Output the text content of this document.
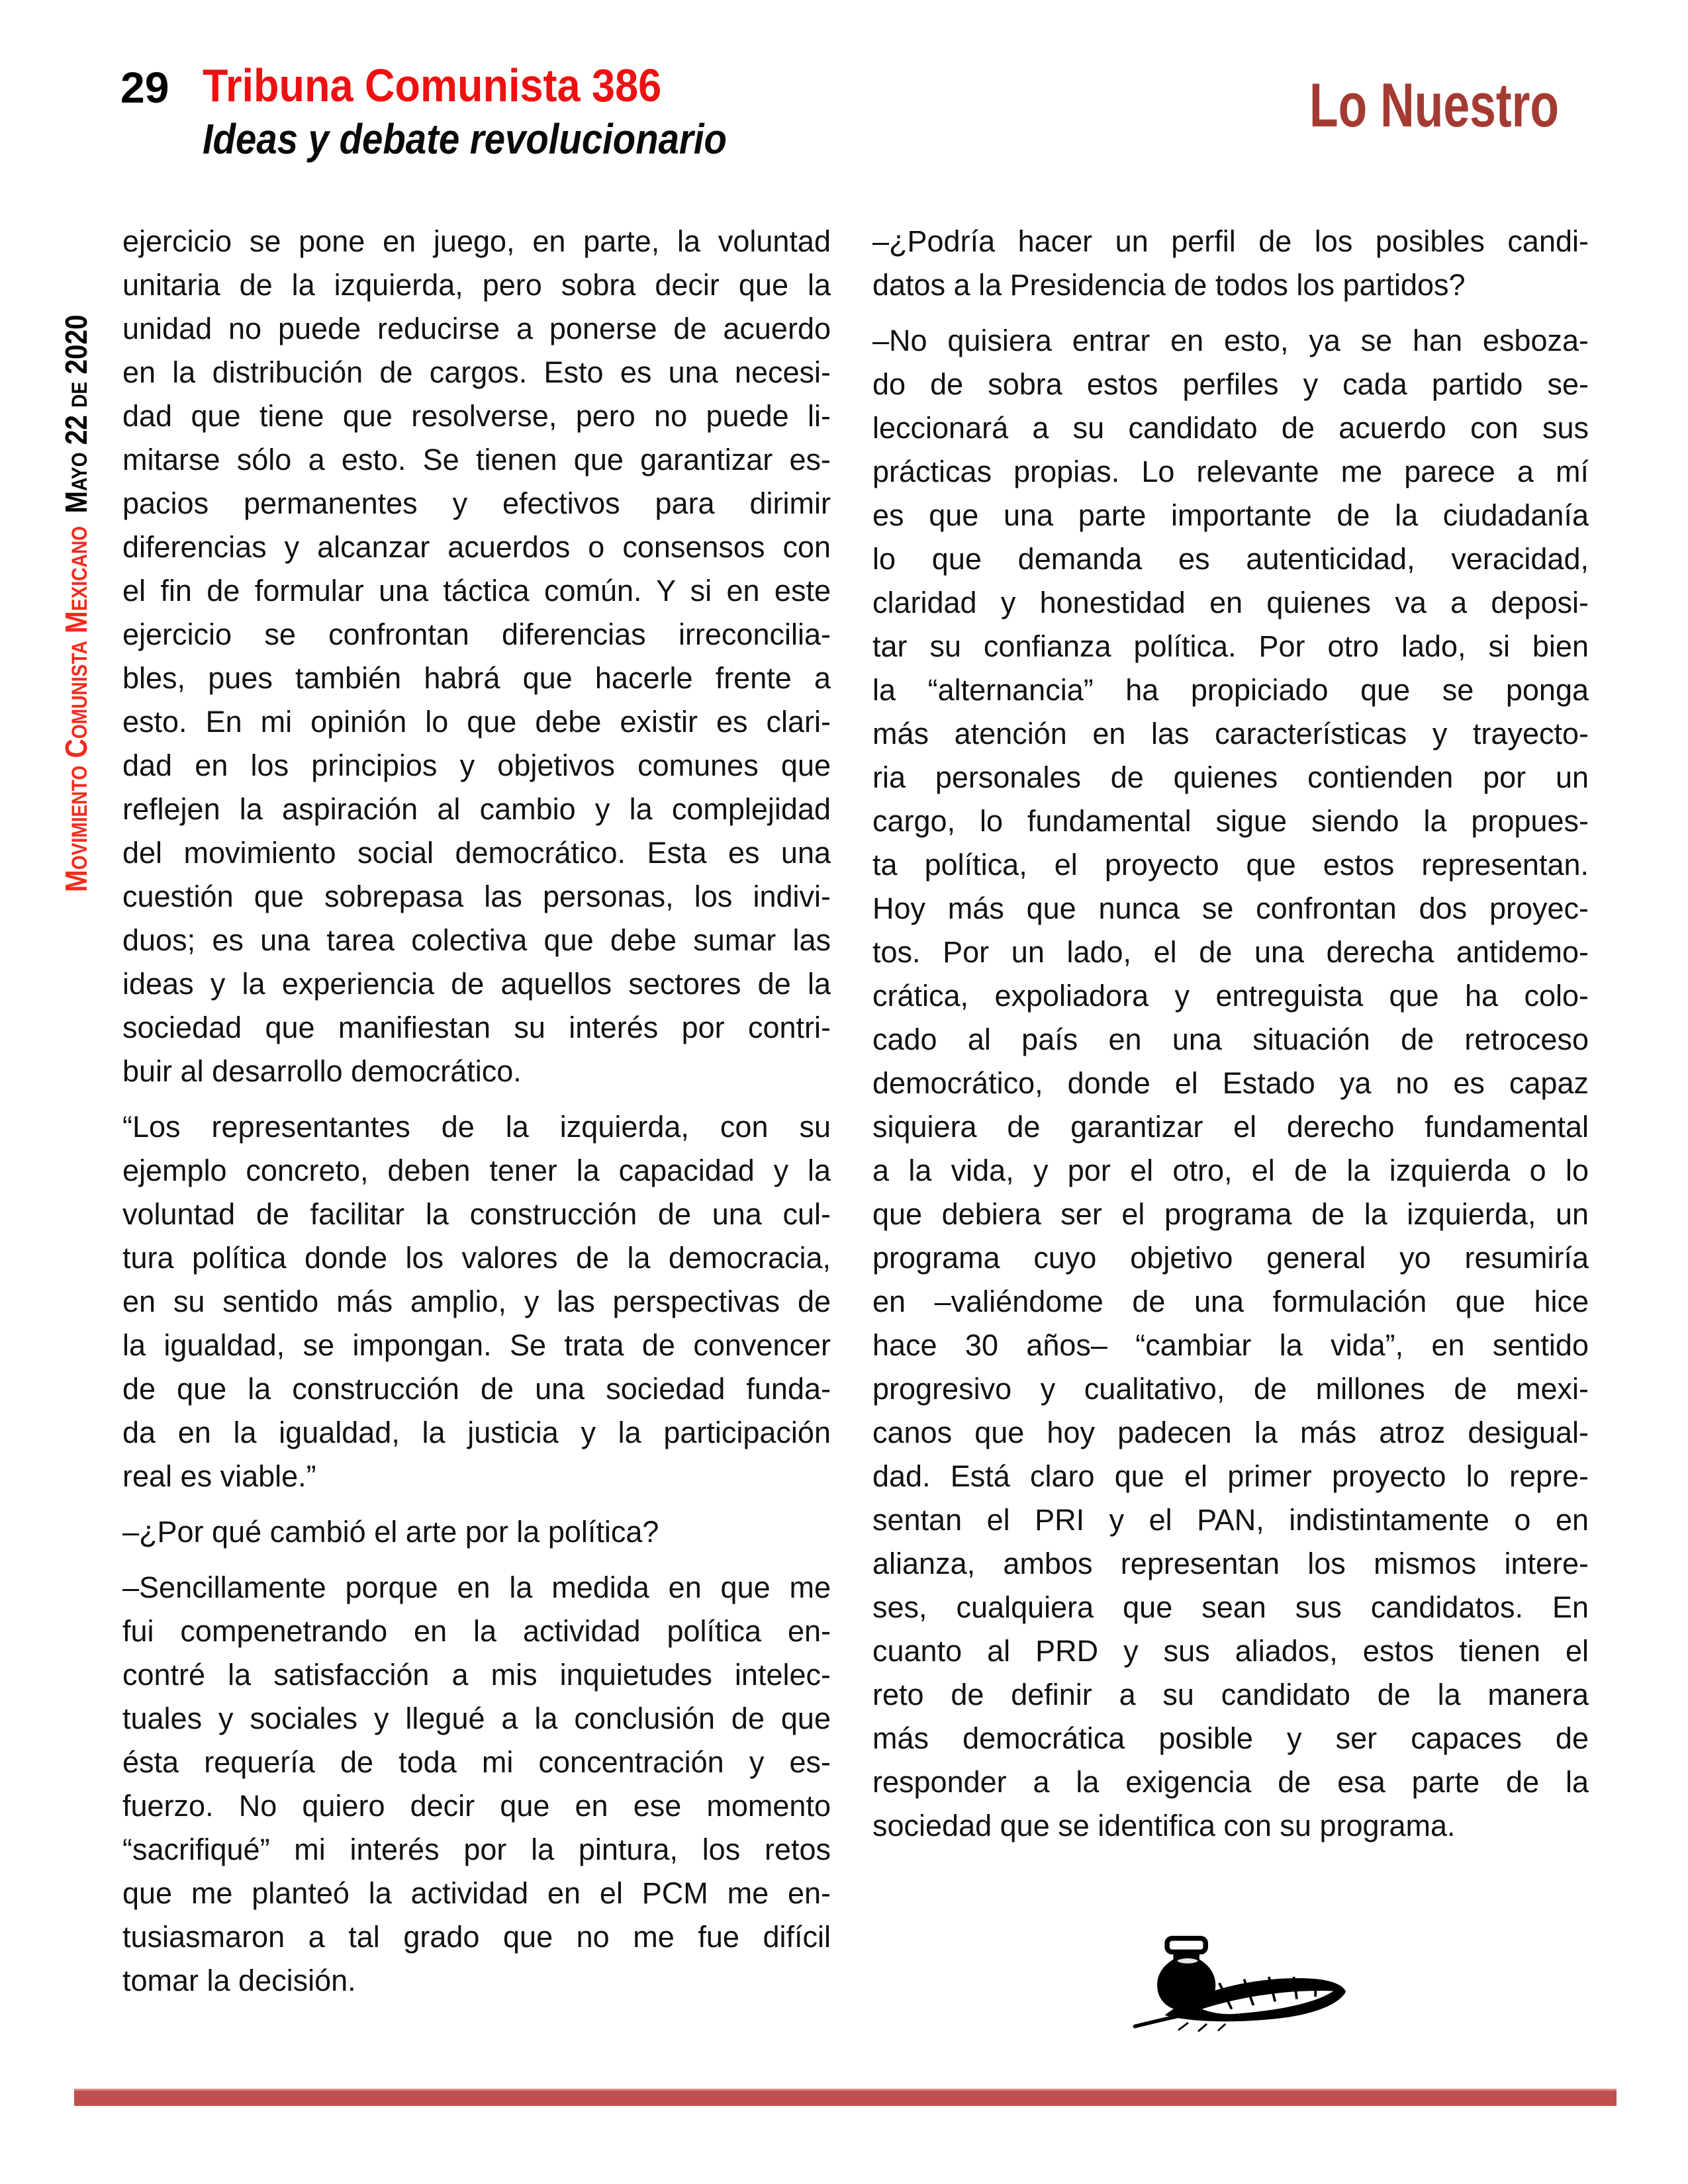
29 Tribuna Comunista 386
Ideas y debate revolucionario	Lo Nuestro
Movimiento Comunista MexicanoMayo 22 de 2020
ejercicio se pone en juego, en parte, la voluntad
unitaria de la izquierda, pero sobra decir que la
unidad no puede reducirse a ponerse de acuerdo
en la distribución de cargos. Esto es una necesi-
dad que tiene que resolverse, pero no puede li-
mitarse sólo a esto. Se tienen que garantizar es-
pacios permanentes y efectivos para dirimir
diferencias y alcanzar acuerdos o consensos con
el fin de formular una táctica común. Y si en este
ejercicio se confrontan diferencias irreconcilia-
bles, pues también habrá que hacerle frente a
esto. En mi opinión lo que debe existir es clari-
dad en los principios y objetivos comunes que
reflejen la aspiración al cambio y la complejidad
del movimiento social democrático. Esta es una
cuestión que sobrepasa las personas, los indivi-
duos; es una tarea colectiva que debe sumar las
ideas y la experiencia de aquellos sectores de la
sociedad que manifiestan su interés por contri-
buir al desarrollo democrático.
“Los representantes de la izquierda, con su
ejemplo concreto, deben tener la capacidad y la
voluntad de facilitar la construcción de una cul-
tura política donde los valores de la democracia,
en su sentido más amplio, y las perspectivas de
la igualdad, se impongan. Se trata de convencer
de que la construcción de una sociedad funda-
da en la igualdad, la justicia y la participación
real es viable.”
–¿Por qué cambió el arte por la política?
–Sencillamente porque en la medida en que me
fui compenetrando en la actividad política en-
contré la satisfacción a mis inquietudes intelec-
tuales y sociales y llegué a la conclusión de que
ésta requería de toda mi concentración y es-
fuerzo. No quiero decir que en ese momento
“sacrifiqué” mi interés por la pintura, los retos
que me planteó la actividad en el PCM me en-
tusiasmaron a tal grado que no me fue difícil
tomar la decisión.
–¿Podría hacer un perfil de los posibles candi-
datos a la Presidencia de todos los partidos?
–No quisiera entrar en esto, ya se han esboza-
do de sobra estos perfiles y cada partido se-
leccionará a su candidato de acuerdo con sus
prácticas propias. Lo relevante me parece a mí
es que una parte importante de la ciudadanía
lo que demanda es autenticidad, veracidad,
claridad y honestidad en quienes va a deposi-
tar su confianza política. Por otro lado, si bien
la “alternancia” ha propiciado que se ponga
más atención en las características y trayecto-
ria personales de quienes contienden por un
cargo, lo fundamental sigue siendo la propues-
ta política, el proyecto que estos representan.
Hoy más que nunca se confrontan dos proyec-
tos. Por un lado, el de una derecha antidemo-
crática, expoliadora y entreguista que ha colo-
cado al país en una situación de retroceso
democrático, donde el Estado ya no es capaz
siquiera de garantizar el derecho fundamental
a la vida, y por el otro, el de la izquierda o lo
que debiera ser el programa de la izquierda, un
programa cuyo objetivo general yo resumiría
en –valiéndome de una formulación que hice
hace 30 años– “cambiar la vida”, en sentido
progresivo y cualitativo, de millones de mexi-
canos que hoy padecen la más atroz desigual-
dad. Está claro que el primer proyecto lo repre-
sentan el PRI y el PAN, indistintamente o en
alianza, ambos representan los mismos intere-
ses, cualquiera que sean sus candidatos. En
cuanto al PRD y sus aliados, estos tienen el
reto de definir a su candidato de la manera
más democrática posible y ser capaces de
responder a la exigencia de esa parte de la
sociedad que se identifica con su programa.
